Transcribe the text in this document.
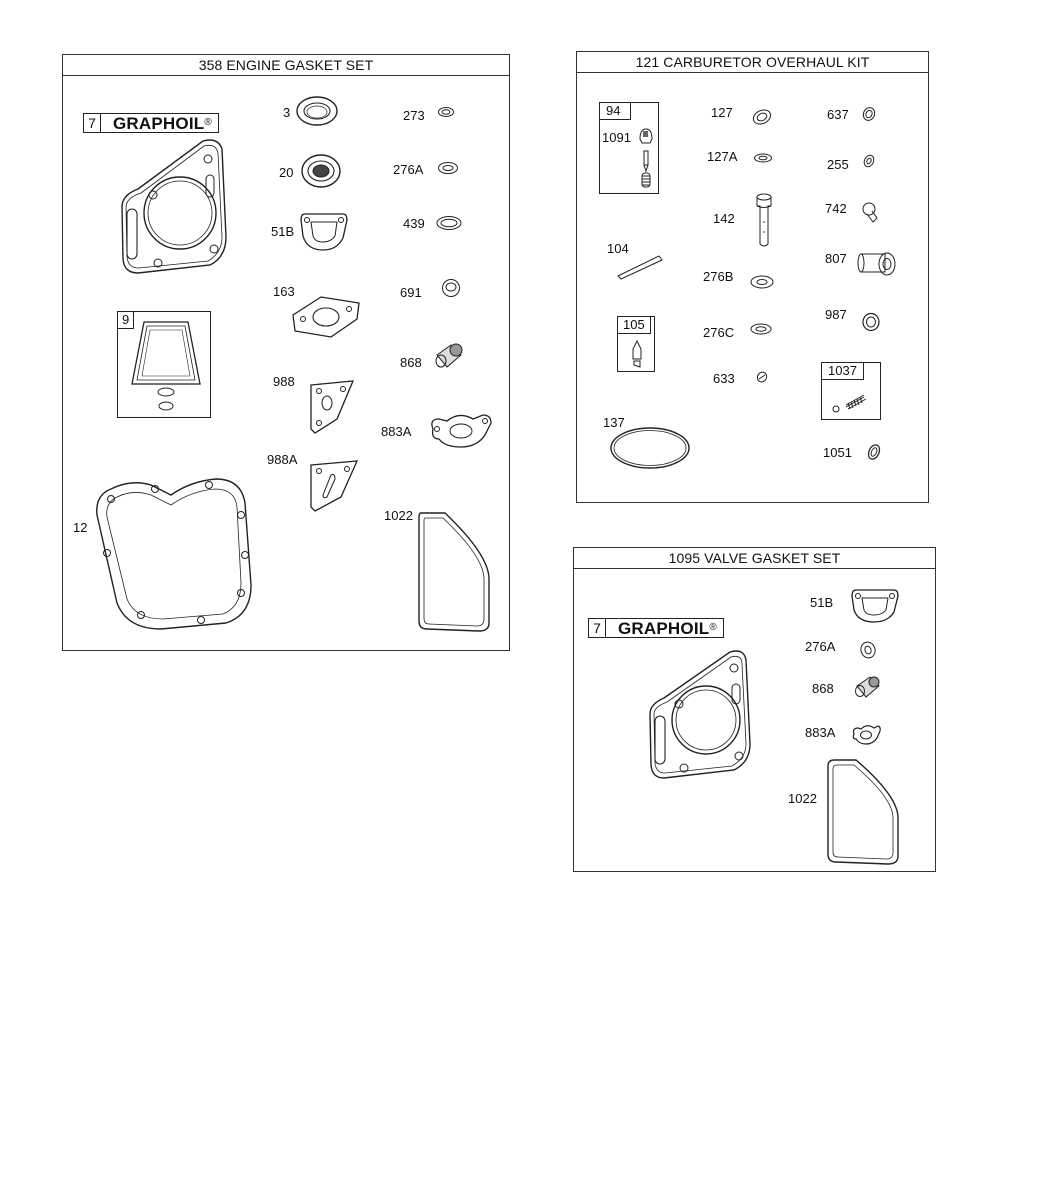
358 ENGINE GASKET SET
7	GRAPHOIL®
9
12
3	273
20	276A
51B
439
163	691
868
988
883A
988A
1022
121 CARBURETOR OVERHAUL KIT
94
1091
104
105
137
127
127A
142
276B
276C
633
637
255
742
807
987
1037
1051
1095 VALVE GASKET SET
7	GRAPHOIL®
51B
276A
868
883A
1022
